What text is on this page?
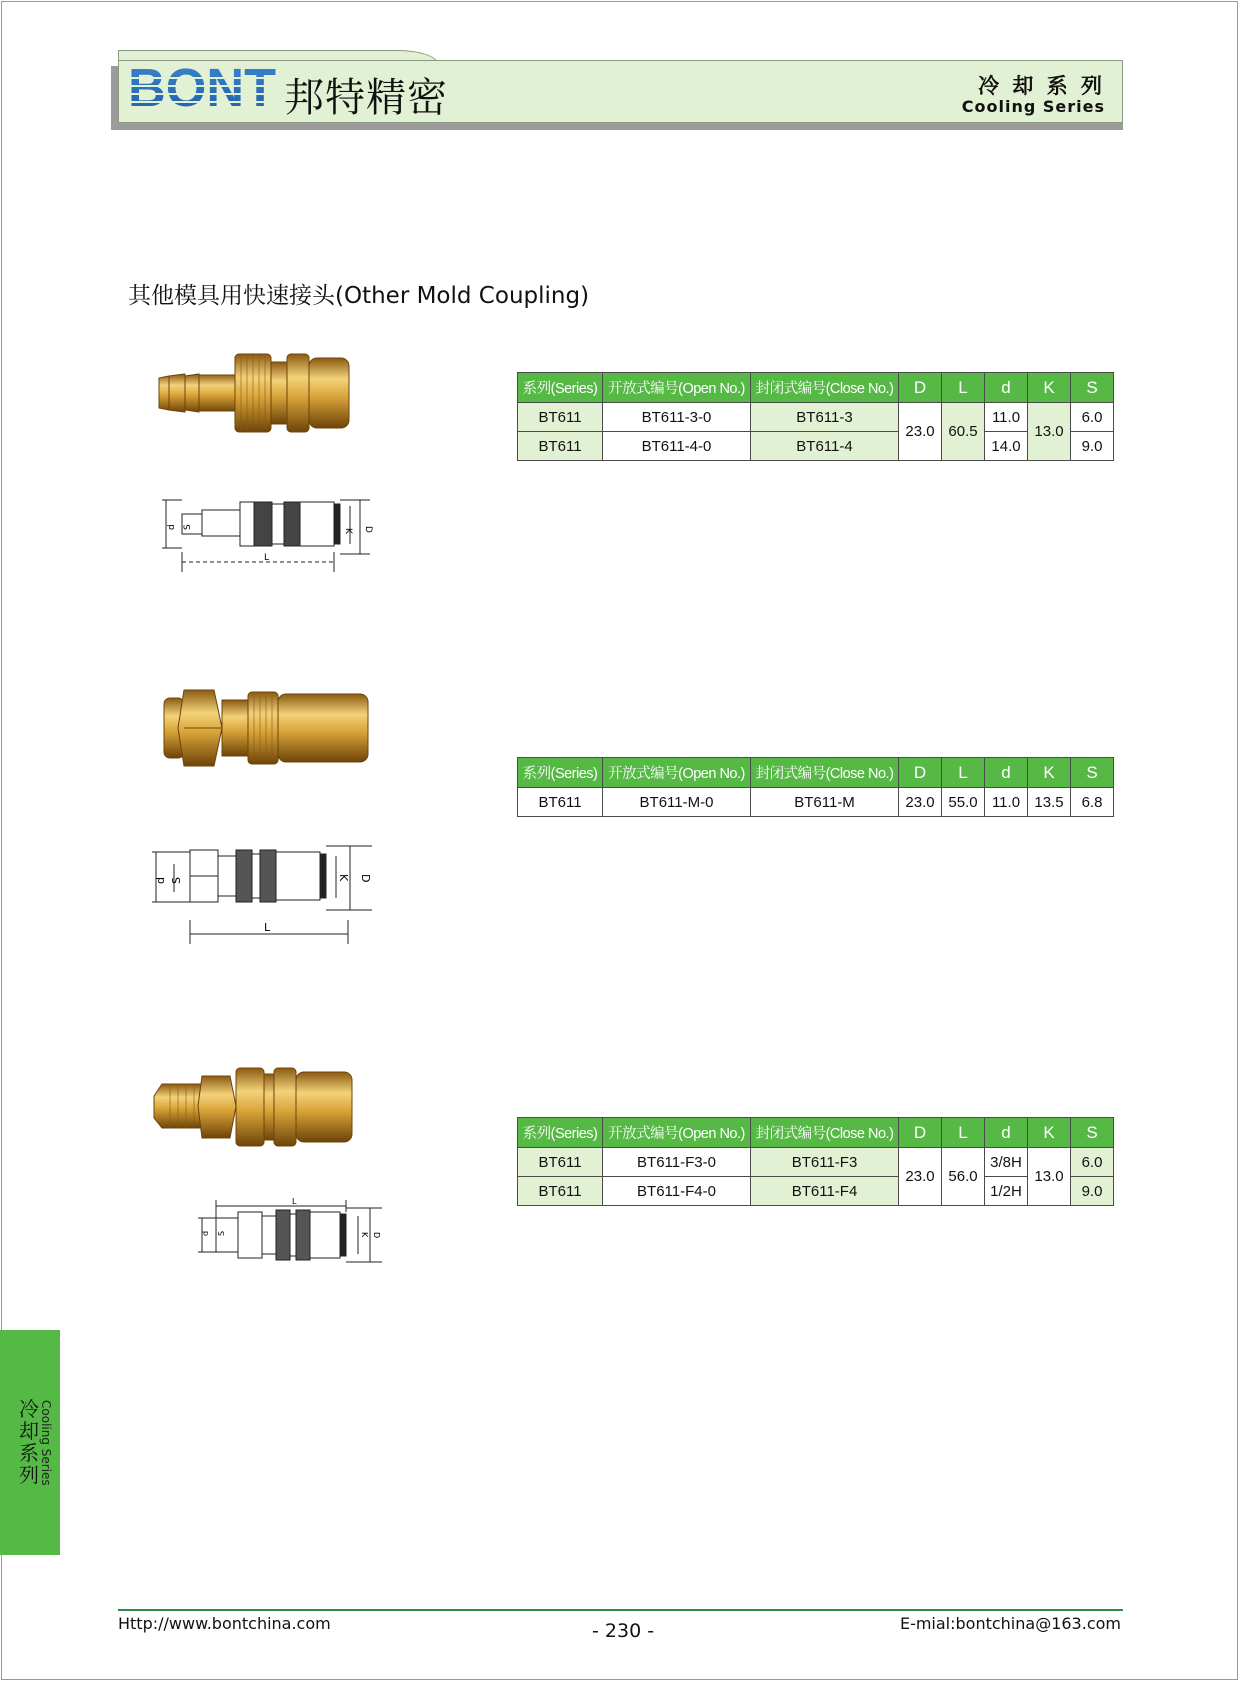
BONT 邦特精密	冷 却 系 列
Cooling Series
其他模具用快速接头(Other Mold Coupling)
d S
K D
L
系列(Series)	开放式编号(Open No.)	封闭式编号(Close No.)	D	L	d	K	S
BT611	BT611-3-0	BT611-3	23.0	60.5	11.0	13.0	6.0
BT611	BT611-4-0	BT611-4			14.0		9.0
d S	K D
L
系列(Series)	开放式编号(Open No.)	封闭式编号(Close No.)	D	L	d	K	S
BT611	BT611-M-0	BT611-M	23.0	55.0	11.0	13.5	6.8
d S	K D
L
系列(Series)	开放式编号(Open No.)	封闭式编号(Close No.)	D	L	d	K	S
BT611	BT611-F3-0	BT611-F3	23.0	56.0	3/8H	13.0	6.0
BT611	BT611-F4-0	BT611-F4			1/2H		9.0
冷
却
系
列 Cooling Series
Http://www.bontchina.com	- 230 -	E-mial:bontchina@163.com
